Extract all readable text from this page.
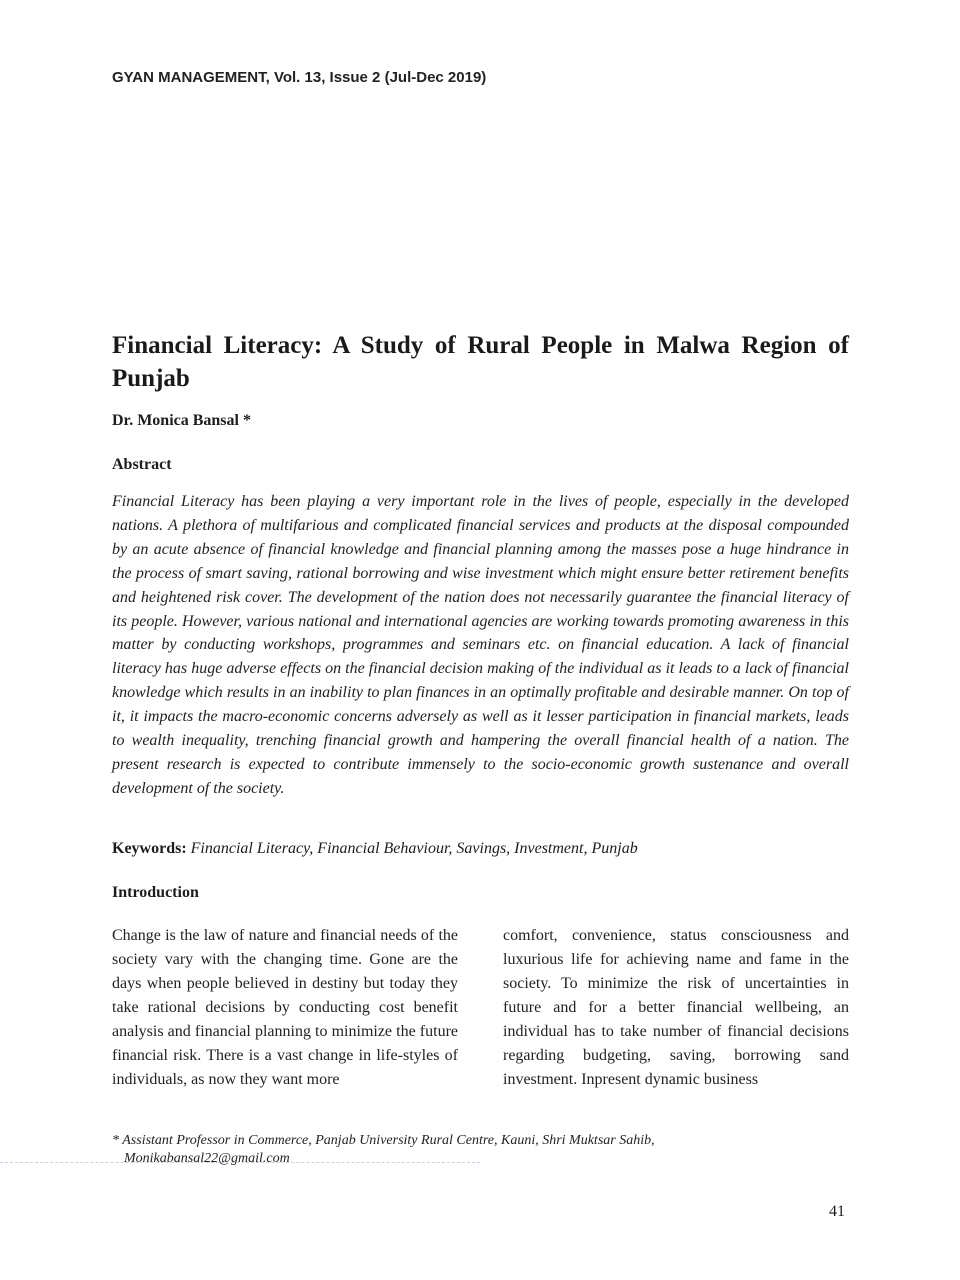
GYAN MANAGEMENT, Vol. 13, Issue 2 (Jul-Dec 2019)
Financial Literacy: A Study of Rural People in Malwa Region of Punjab
Dr. Monica Bansal *
Abstract

Financial Literacy has been playing a very important role in the lives of people, especially in the developed nations. A plethora of multifarious and complicated financial services and products at the disposal compounded by an acute absence of financial knowledge and financial planning among the masses pose a huge hindrance in the process of smart saving, rational borrowing and wise investment which might ensure better retirement benefits and heightened risk cover. The development of the nation does not necessarily guarantee the financial literacy of its people. However, various national and international agencies are working towards promoting awareness in this matter by conducting workshops, programmes and seminars etc. on financial education. A lack of financial literacy has huge adverse effects on the financial decision making of the individual as it leads to a lack of financial knowledge which results in an inability to plan finances in an optimally profitable and desirable manner. On top of it, it impacts the macro-economic concerns adversely as well as it lesser participation in financial markets, leads to wealth inequality, trenching financial growth and hampering the overall financial health of a nation. The present research is expected to contribute immensely to the socio-economic growth sustenance and overall development of the society.

Keywords: Financial Literacy, Financial Behaviour, Savings, Investment, Punjab
Introduction

Change is the law of nature and financial needs of the society vary with the changing time. Gone are the days when people believed in destiny but today they take rational decisions by conducting cost benefit analysis and financial planning to minimize the future financial risk. There is a vast change in life-styles of individuals, as now they want more

comfort, convenience, status consciousness and luxurious life for achieving name and fame in the society. To minimize the risk of uncertainties in future and for a better financial wellbeing, an individual has to take number of financial decisions regarding budgeting, saving, borrowing sand investment. Inpresent dynamic business

* Assistant Professor in Commerce, Panjab University Rural Centre, Kauni, Shri Muktsar Sahib,
Monikabansal22@gmail.com
41
